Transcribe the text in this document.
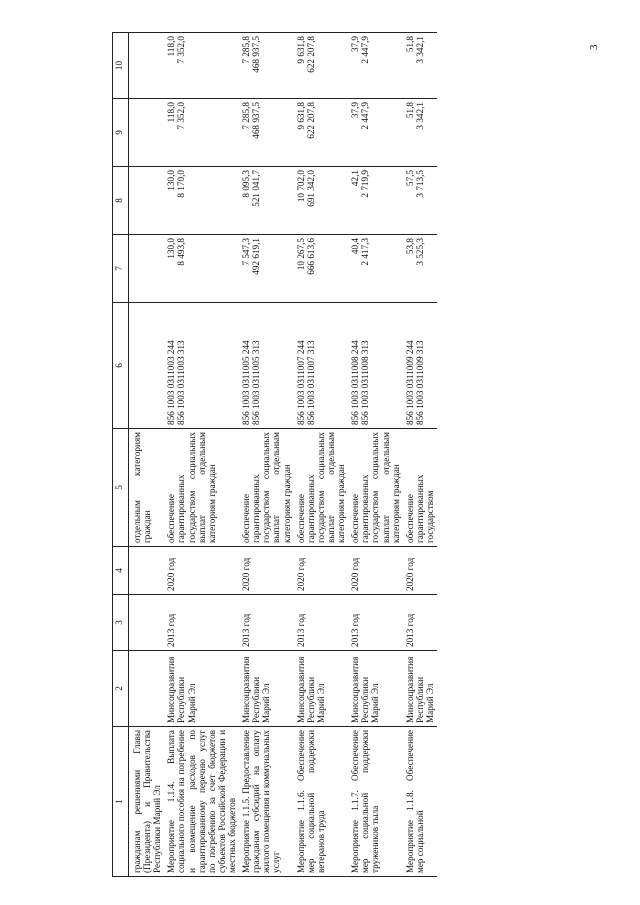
3
1	2	3	4	5	6	7	8	9	10
гражданам решениями Главы (Президента) и Правительства Республики Марий Эл				отдельным категориям граждан	

Мероприятие 1.1.4. Выплата социального пособия на погребение и возмещение расходов по гарантированному перечню услуг по погребению за счет бюджетов субъектов Российской Федерации и местных бюджетов	Минсоцразвития Республики Марий Эл	2013 год	2020 год	обеспечение гарантированных государством социальных выплат отдельным категориям граждан	856 1003 0311003 244 856 1003 0311003 313	130,0 8 493,8	130,0 8 170,0	118,0 7 352,0	118,0 7 352,0

Мероприятие 1.1.5. Предоставление гражданам субсидий на оплату жилого помещения и коммунальных услуг	Минсоцразвития Республики Марий Эл	2013 год	2020 год	обеспечение гарантированных государством социальных выплат отдельным категориям граждан	856 1003 0311005 244 856 1003 0311005 313	7 547,3 492 619,1	8 095,3 521 041,7	7 285,8 468 937,5	7 285,8 468 937,5

Мероприятие 1.1.6. Обеспечение мер социальной поддержки ветеранов труда	Минсоцразвития Республики Марий Эл	2013 год	2020 год	обеспечение гарантированных государством социальных выплат отдельным категориям граждан	856 1003 0311007 244 856 1003 0311007 313	10 267,5 666 613,6	10 702,0 691 342,0	9 631,8 622 207,8	9 631,8 622 207,8

Мероприятие 1.1.7. Обеспечение мер социальной поддержки тружеников тыла	Минсоцразвития Республики Марий Эл	2013 год	2020 год	обеспечение гарантированных государством социальных выплат отдельным категориям граждан	856 1003 0311008 244 856 1003 0311008 313	40,4 2 417,3	42,1 2 719,9	37,9 2 447,9	37,9 2 447,9

Мероприятие 1.1.8. Обеспечение мер социальной	Минсоцразвития Республики Марий Эл	2013 год	2020 год	обеспечение гарантированных государством	856 1003 0311009 244 856 1003 0311009 313	53,8 3 525,3	57,5 3 713,5	51,8 3 342,1	51,8 3 342,1
